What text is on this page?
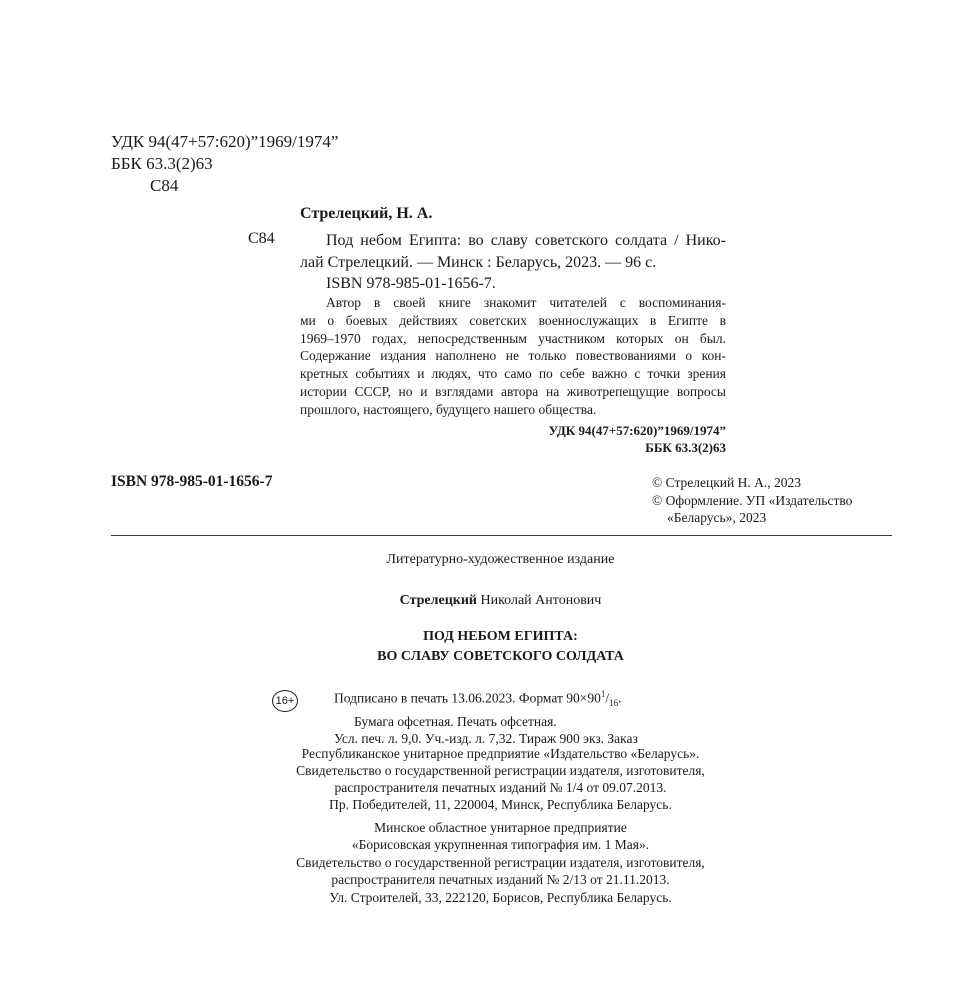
УДК 94(47+57:620)”1969/1974”
ББК 63.3(2)63
С84
Стрелецкий, Н. А.
С84	Под небом Египта: во славу советского солдата / Нико-
лай Стрелецкий. — Минск : Беларусь, 2023. — 96 с.
ISBN 978-985-01-1656-7.
Автор в своей книге знакомит читателей с воспоминания-
ми о боевых действиях советских военнослужащих в Египте в
1969–1970 годах, непосредственным участником которых он был.
Содержание издания наполнено не только повествованиями о кон-
кретных событиях и людях, что само по себе важно с точки зрения
истории СССР, но и взглядами автора на животрепещущие вопросы
прошлого, настоящего, будущего нашего общества.
УДК 94(47+57:620)”1969/1974”
ББК 63.3(2)63
ISBN 978-985-01-1656-7	© Стрелецкий Н. А., 2023
© Оформление. УП «Издательство
«Беларусь», 2023
Литературно-художественное издание
Стрелецкий Николай Антонович
ПОД НЕБОМ ЕГИПТА:
ВО СЛАВУ СОВЕТСКОГО СОЛДАТА
16+	Подписано в печать 13.06.2023. Формат $90\times 90^1/_{16}$.
Бумага офсетная. Печать офсетная.
Усл. печ. л. 9,0. Уч.-изд. л. 7,32. Тираж 900 экз. Заказ
Республиканское унитарное предприятие «Издательство «Беларусь».
Свидетельство о государственной регистрации издателя, изготовителя,
распространителя печатных изданий № 1/4 от 09.07.2013.
Пр. Победителей, 11, 220004, Минск, Республика Беларусь.
Минское областное унитарное предприятие
«Борисовская укрупненная типография им. 1 Мая».
Свидетельство о государственной регистрации издателя, изготовителя,
распространителя печатных изданий № 2/13 от 21.11.2013.
Ул. Строителей, 33, 222120, Борисов, Республика Беларусь.
